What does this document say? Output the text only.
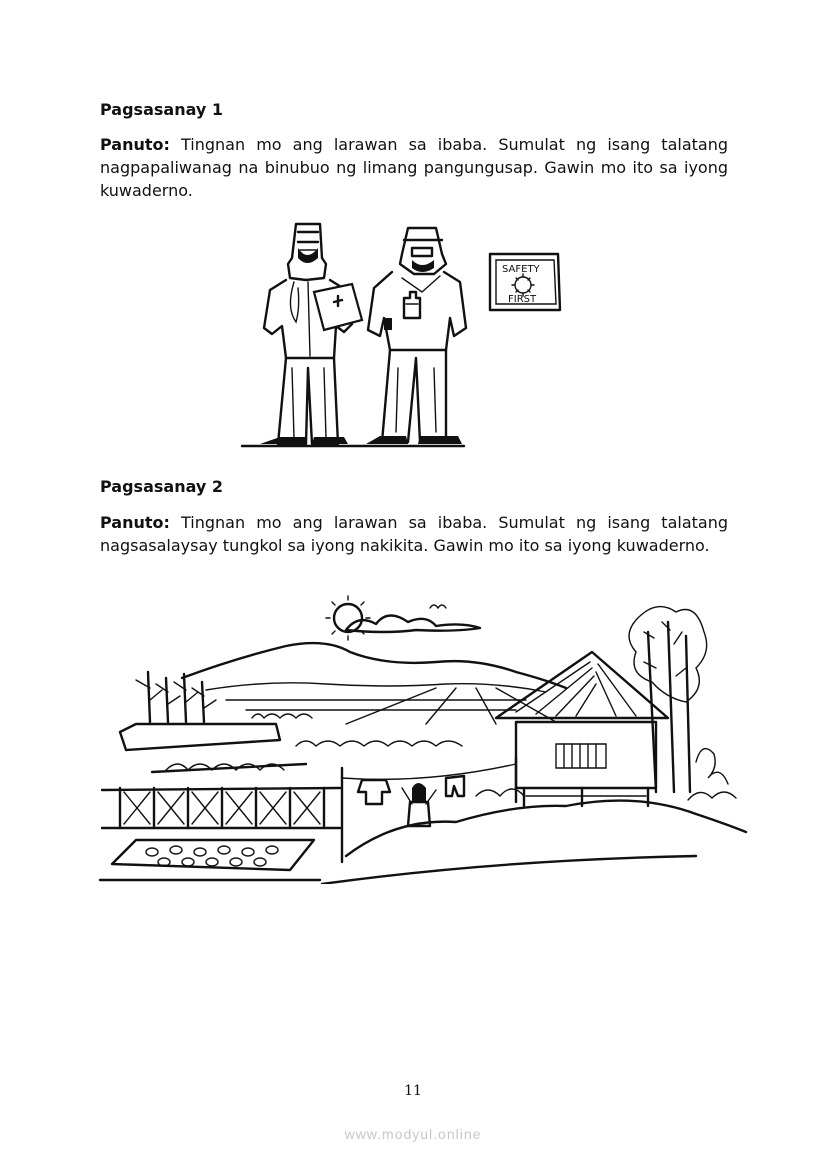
Pagsasanay 1
Panuto: Tingnan mo ang larawan sa ibaba. Sumulat ng isang talatang nagpapaliwanag na binubuo ng limang pangungusap. Gawin mo ito sa iyong kuwaderno.
SAFETY
FIRST
Pagsasanay 2
Panuto: Tingnan mo ang larawan sa ibaba. Sumulat ng isang talatang nagsasalaysay tungkol sa iyong nakikita. Gawin mo ito sa iyong kuwaderno.
11
www.modyul.online
